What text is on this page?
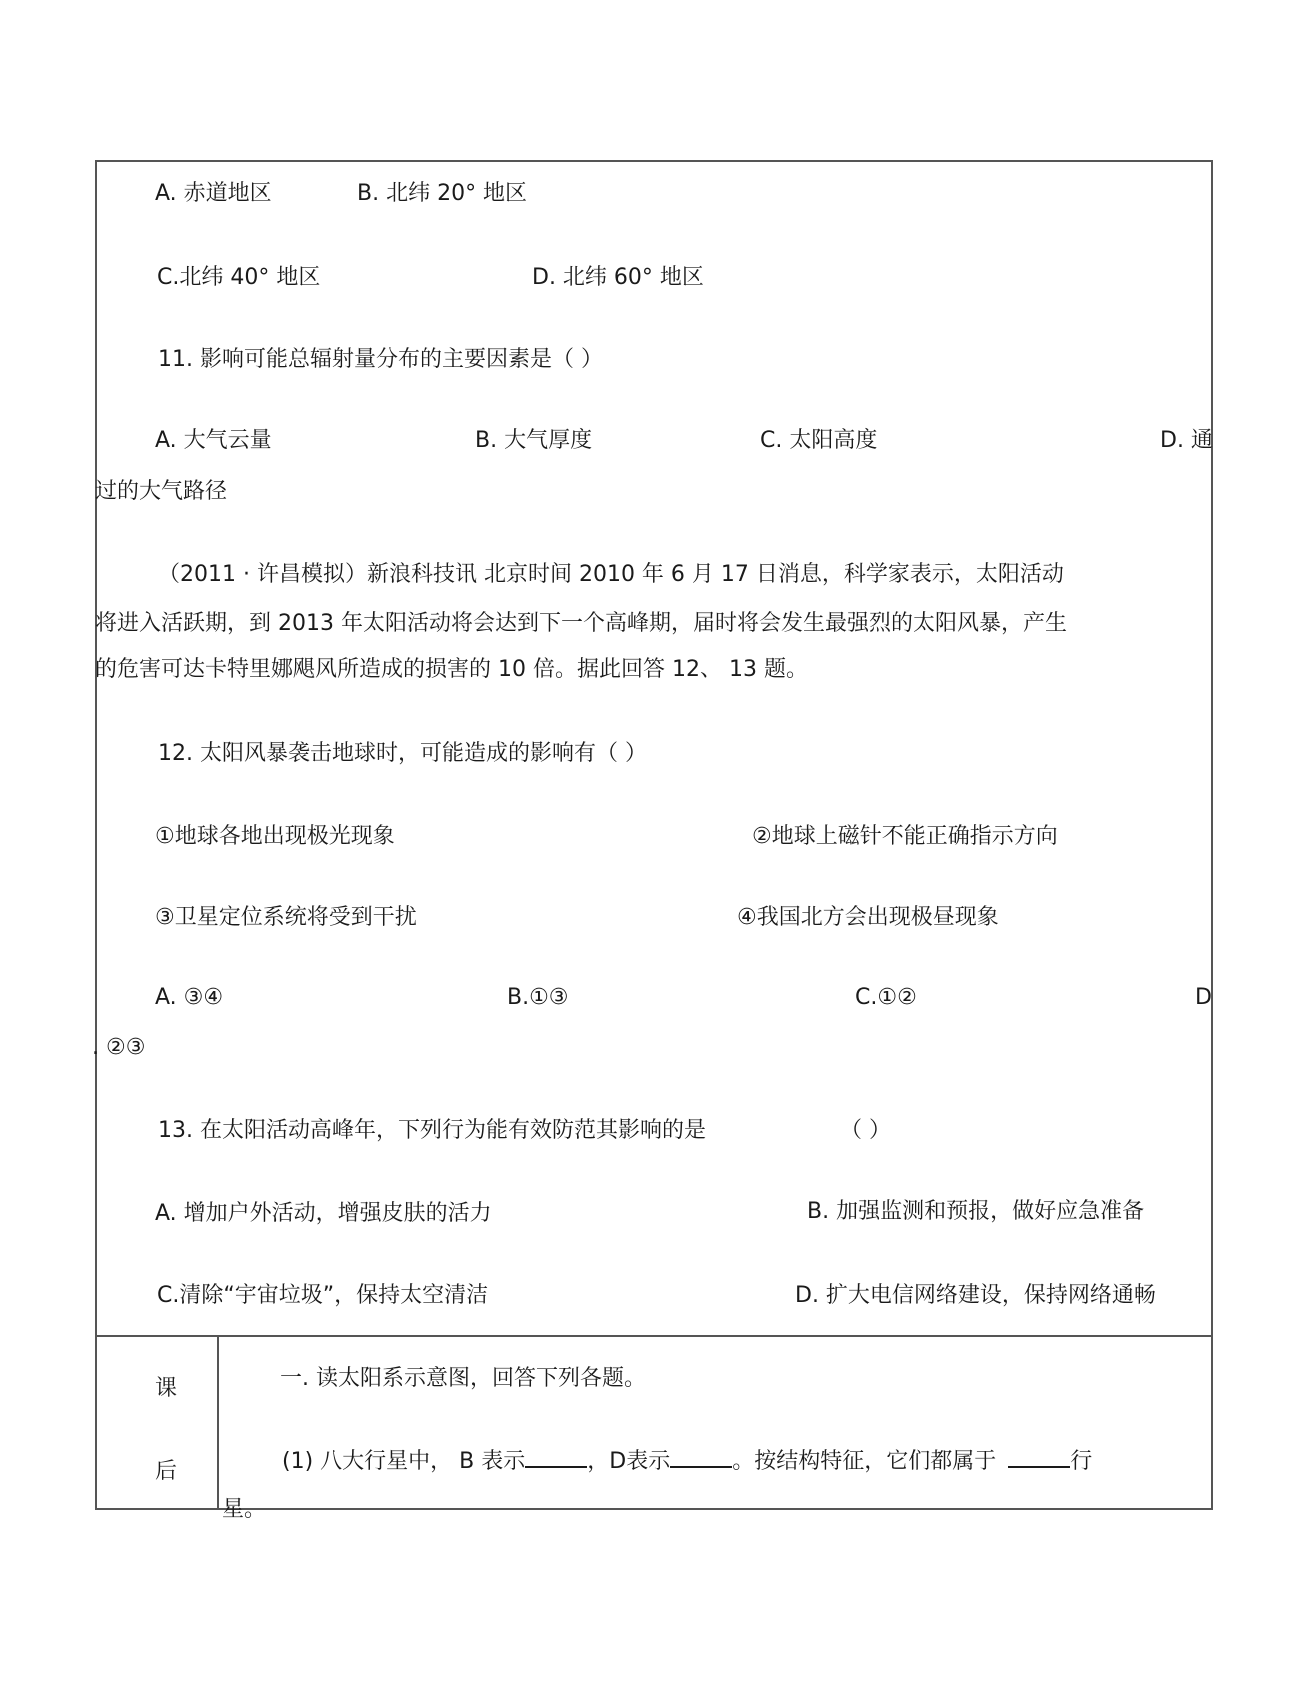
A. 赤道地区	B. 北纬 20° 地区
C.北纬 40° 地区	D. 北纬 60° 地区
11. 影响可能总辐射量分布的主要因素是（ ）
A. 大气云量	B. 大气厚度	C. 太阳高度	D. 通
过的大气路径
（2011 · 许昌模拟）新浪科技讯 北京时间 2010 年 6 月 17 日消息，科学家表示，太阳活动
将进入活跃期，到 2013 年太阳活动将会达到下一个高峰期，届时将会发生最强烈的太阳风暴，产生
的危害可达卡特里娜飓风所造成的损害的 10 倍。据此回答 12、 13 题。
12. 太阳风暴袭击地球时，可能造成的影响有（ ）
①地球各地出现极光现象	②地球上磁针不能正确指示方向
③卫星定位系统将受到干扰	④我国北方会出现极昼现象
A. ③④	B.①③	C.①②	D
. ②③
13. 在太阳活动高峰年，下列行为能有效防范其影响的是	（ ）
A. 增加户外活动，增强皮肤的活力	B. 加强监测和预报，做好应急准备
C.清除“宇宙垃圾”，保持太空清洁	D. 扩大电信网络建设，保持网络通畅
课
后
一. 读太阳系示意图，回答下列各题。
(1) 八大行星中， B 表示	，D表示	。按结构特征，它们都属于	行
星。
